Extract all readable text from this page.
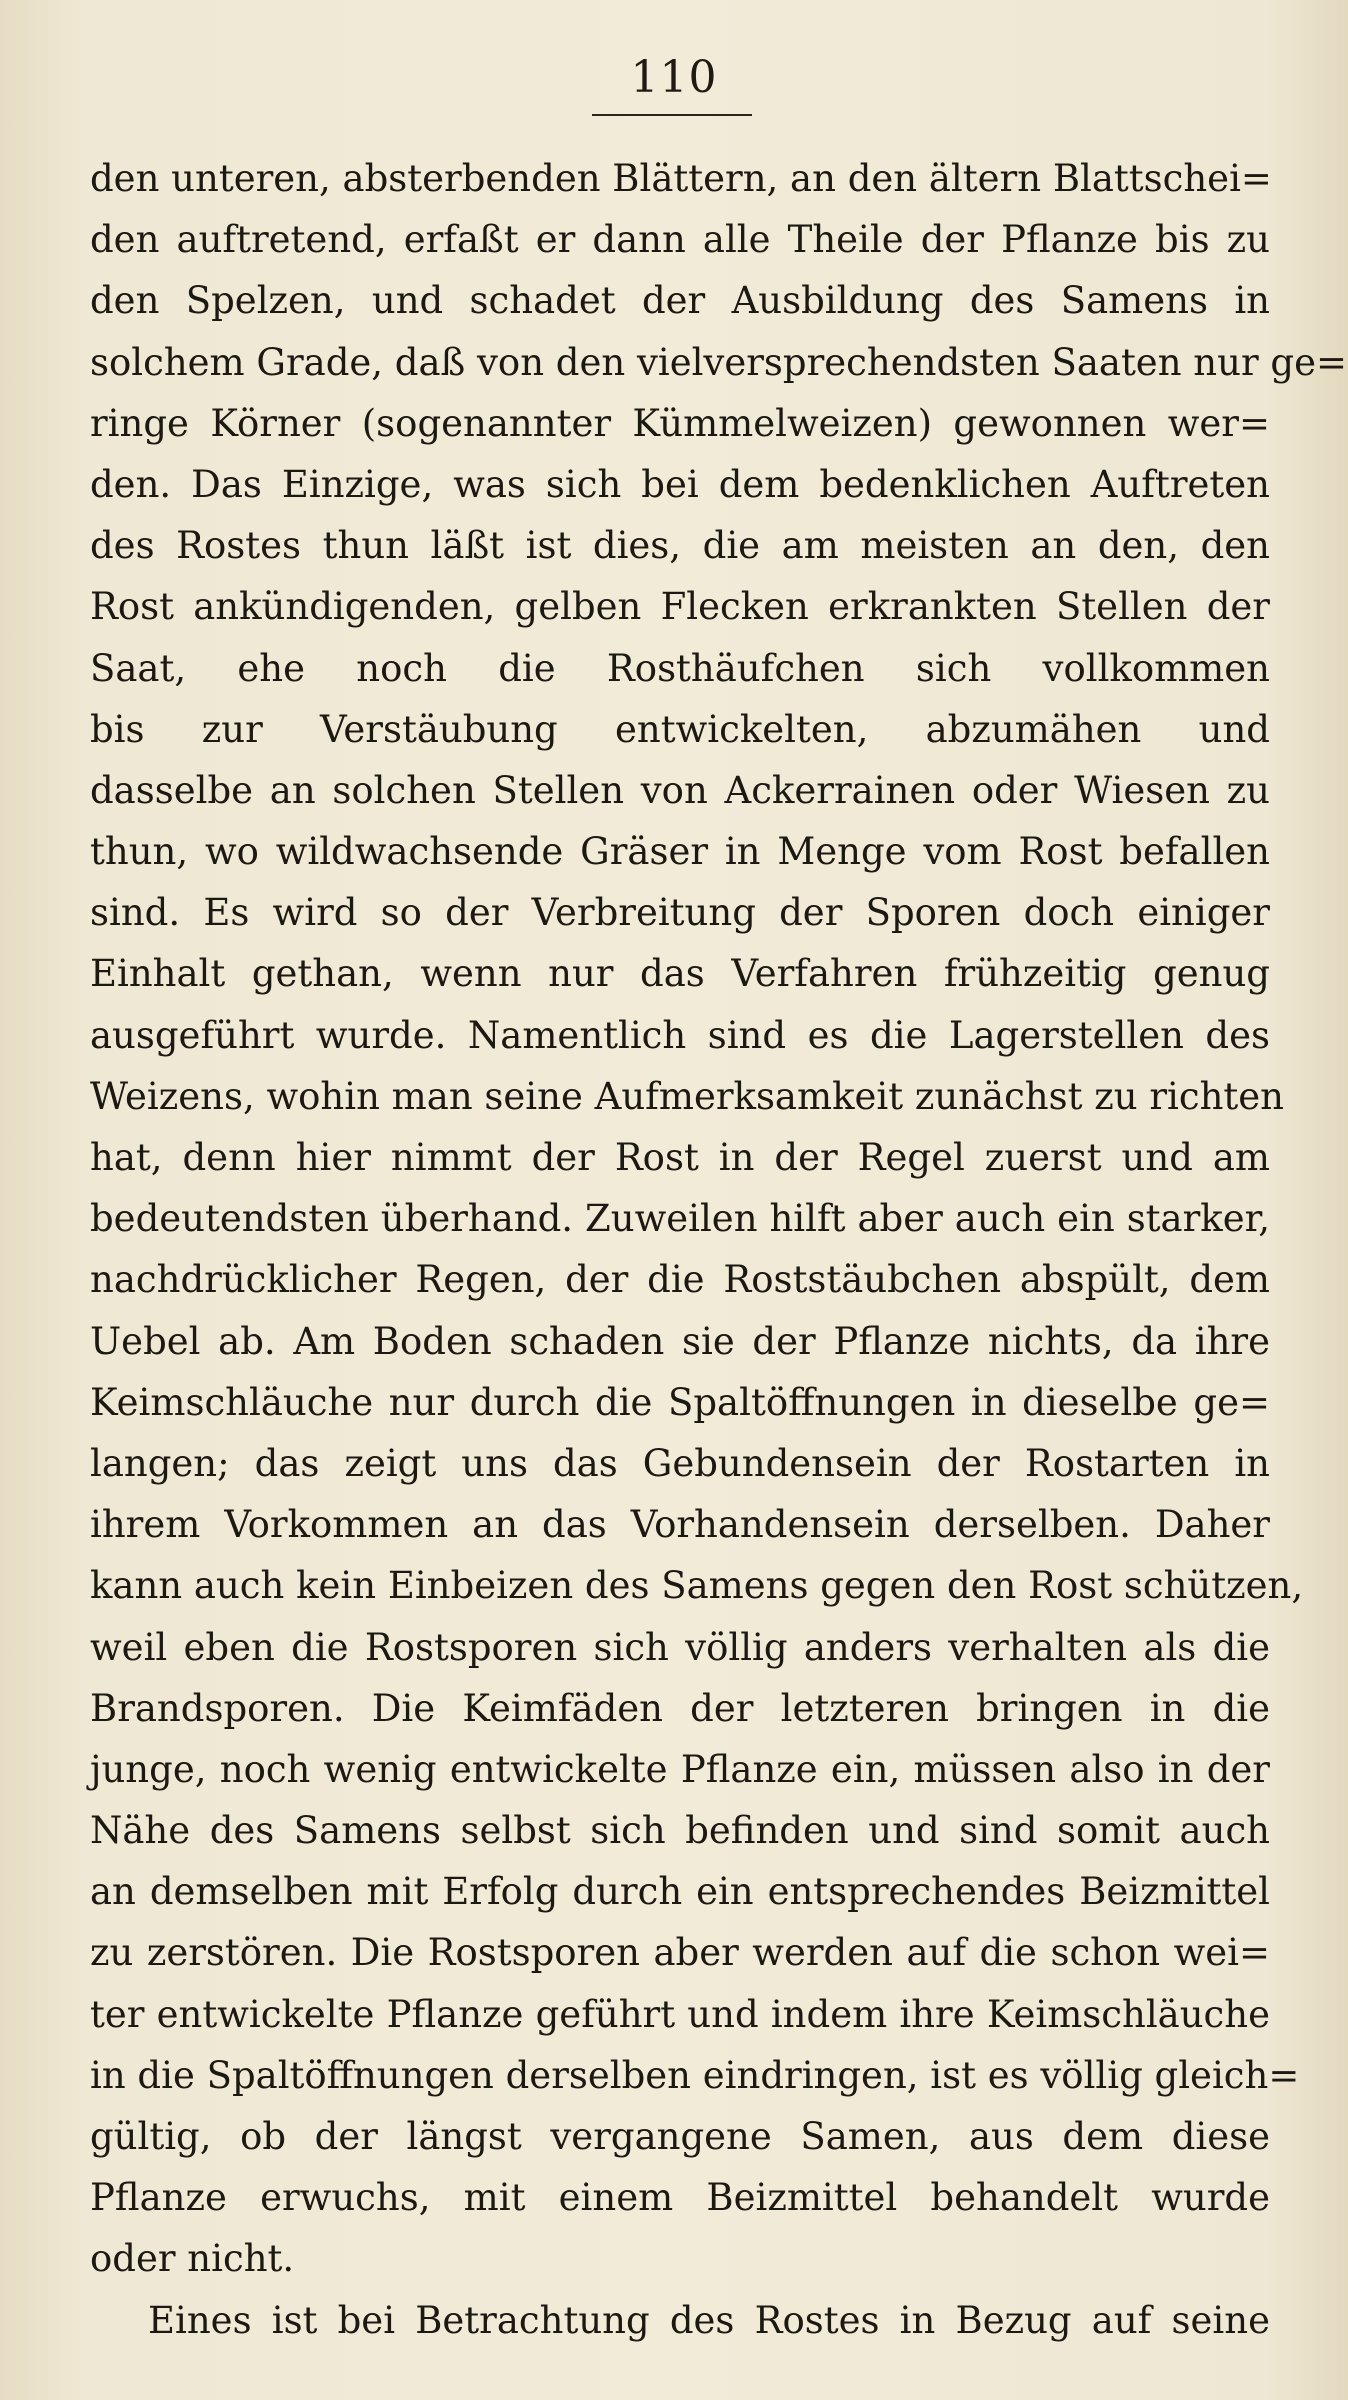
110
den unteren, absterbenden Blättern, an den ältern Blattschei=
den auftretend, erfaßt er dann alle Theile der Pflanze bis zu
den Spelzen, und schadet der Ausbildung des Samens in
solchem Grade, daß von den vielversprechendsten Saaten nur ge=
ringe Körner (sogenannter Kümmelweizen) gewonnen wer=
den. Das Einzige, was sich bei dem bedenklichen Auftreten
des Rostes thun läßt ist dies, die am meisten an den, den
Rost ankündigenden, gelben Flecken erkrankten Stellen der
Saat, ehe noch die Rosthäufchen sich vollkommen
bis zur Verstäubung entwickelten, abzumähen und
dasselbe an solchen Stellen von Ackerrainen oder Wiesen zu
thun, wo wildwachsende Gräser in Menge vom Rost befallen
sind. Es wird so der Verbreitung der Sporen doch einiger
Einhalt gethan, wenn nur das Verfahren frühzeitig genug
ausgeführt wurde. Namentlich sind es die Lagerstellen des
Weizens, wohin man seine Aufmerksamkeit zunächst zu richten
hat, denn hier nimmt der Rost in der Regel zuerst und am
bedeutendsten überhand. Zuweilen hilft aber auch ein starker,
nachdrücklicher Regen, der die Roststäubchen abspült, dem
Uebel ab. Am Boden schaden sie der Pflanze nichts, da ihre
Keimschläuche nur durch die Spaltöffnungen in dieselbe ge=
langen; das zeigt uns das Gebundensein der Rostarten in
ihrem Vorkommen an das Vorhandensein derselben. Daher
kann auch kein Einbeizen des Samens gegen den Rost schützen,
weil eben die Rostsporen sich völlig anders verhalten als die
Brandsporen. Die Keimfäden der letzteren bringen in die
junge, noch wenig entwickelte Pflanze ein, müssen also in der
Nähe des Samens selbst sich befinden und sind somit auch
an demselben mit Erfolg durch ein entsprechendes Beizmittel
zu zerstören. Die Rostsporen aber werden auf die schon wei=
ter entwickelte Pflanze geführt und indem ihre Keimschläuche
in die Spaltöffnungen derselben eindringen, ist es völlig gleich=
gültig, ob der längst vergangene Samen, aus dem diese
Pflanze erwuchs, mit einem Beizmittel behandelt wurde
oder nicht.
Eines ist bei Betrachtung des Rostes in Bezug auf seine
